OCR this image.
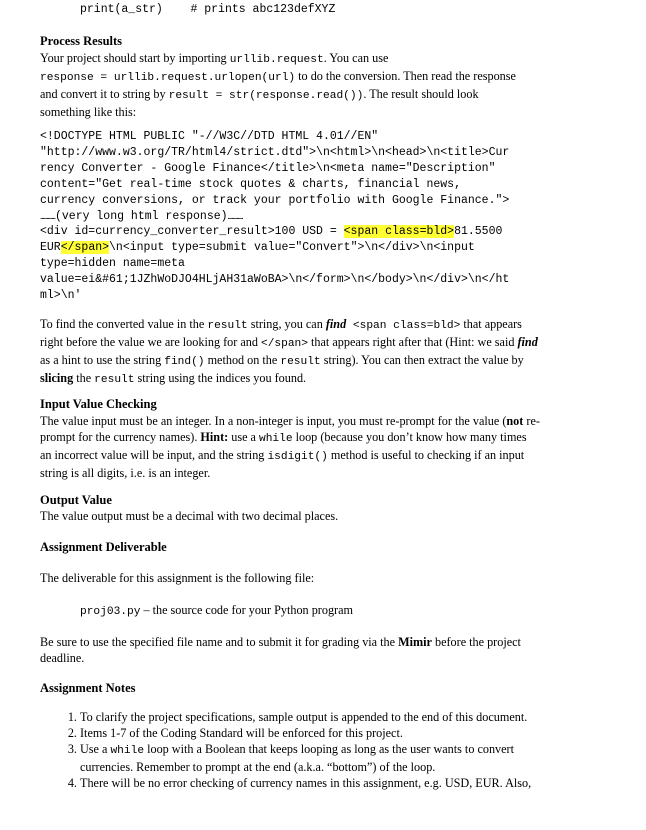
print(a_str) # prints abc123defXYZ
Process Results
Your project should start by importing urllib.request. You can use
response = urllib.request.urlopen(url) to do the conversion. Then read the response
and convert it to string by result = str(response.read()). The result should look
something like this:
<!DOCTYPE HTML PUBLIC "-//W3C//DTD HTML 4.01//EN"
"http://www.w3.org/TR/html4/strict.dtd">\n<html>\n<head>\n<title>Cur
rency Converter - Google Finance</title>\n<meta name="Description"
content="Get real-time stock quotes & charts, financial news,
currency conversions, or track your portfolio with Google Finance.">
............(very long html response)............
<div id=currency_converter_result>100 USD = <span class=bld>81.5500
EUR</span>\n<input type=submit value="Convert">\n</div>\n<input
type=hidden name=meta
value=ei&#61;1JZhWoDJO4HLjAH31aWoBA>\n</form>\n</body>\n</div>\n</ht
ml>\n'
To find the converted value in the result string, you can find <span class=bld> that appears
right before the value we are looking for and </span> that appears right after that (Hint: we said find
as a hint to use the string find() method on the result string). You can then extract the value by
slicing the result string using the indices you found.
Input Value Checking
The value input must be an integer. In a non-integer is input, you must re-prompt for the value (not re-
prompt for the currency names). Hint: use a while loop (because you don’t know how many times
an incorrect value will be input, and the string isdigit() method is useful to checking if an input
string is all digits, i.e. is an integer.
Output Value
The value output must be a decimal with two decimal places.
Assignment Deliverable
The deliverable for this assignment is the following file:
proj03.py – the source code for your Python program
Be sure to use the specified file name and to submit it for grading via the Mimir before the project
deadline.
Assignment Notes
1. To clarify the project specifications, sample output is appended to the end of this document.
2. Items 1-7 of the Coding Standard will be enforced for this project.
3. Use a while loop with a Boolean that keeps looping as long as the user wants to convert
currencies. Remember to prompt at the end (a.k.a. “bottom”) of the loop.
4. There will be no error checking of currency names in this assignment, e.g. USD, EUR. Also,
